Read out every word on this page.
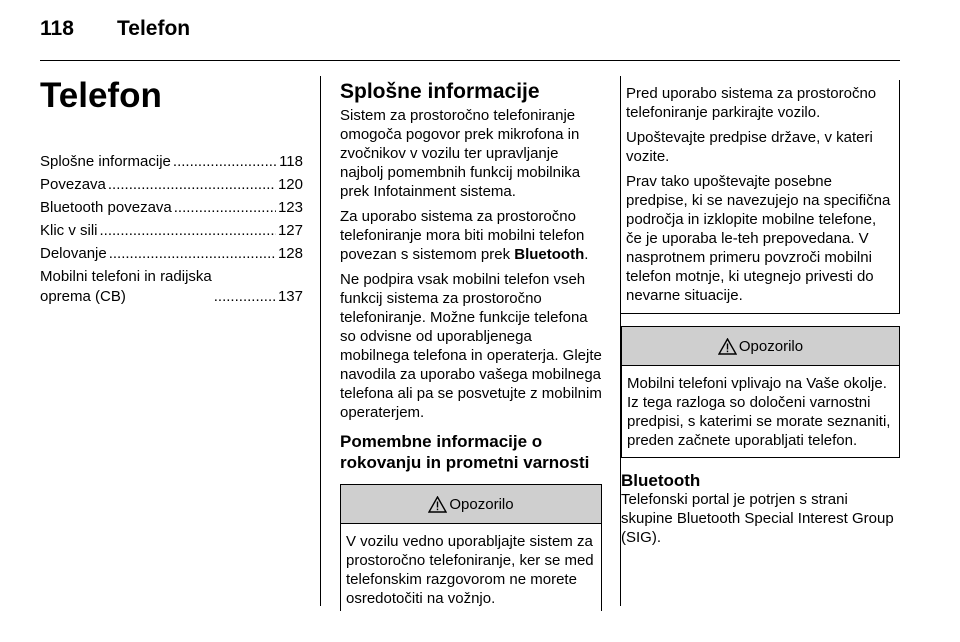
118 Telefon
Telefon
Splošne informacije .....	118
Povezava .....	120
Bluetooth povezava .....	123
Klic v sili .....	127
Delovanje .....	128
Mobilni telefoni in radijska
oprema (CB) .....	137
Splošne informacije

Sistem za prostoročno telefoniranje omogoča pogovor prek mikrofona in zvočnikov v vozilu ter upravljanje najbolj pomembnih funkcij mobilnika prek Infotainment sistema.

Za uporabo sistema za prostoročno telefoniranje mora biti mobilni telefon povezan s sistemom prek Bluetooth.

Ne podpira vsak mobilni telefon vseh funkcij sistema za prostoročno telefoniranje. Možne funkcije telefona so odvisne od uporabljenega mobilnega telefona in operaterja. Glejte navodila za uporabo vašega mobilnega telefona ali pa se posvetujte z mobilnim operaterjem.

Pomembne informacije o rokovanju in prometni varnosti
Opozorilo
V vozilu vedno uporabljajte sistem za prostoročno telefoniranje, ker se med telefonskim razgovorom ne morete osredotočiti na vožnjo.

Pred uporabo sistema za prostoročno telefoniranje parkirajte vozilo.

Upoštevajte predpise države, v kateri vozite.

Prav tako upoštevajte posebne predpise, ki se navezujejo na specifična področja in izklopite mobilne telefone, če je uporaba le-teh prepovedana. V nasprotnem primeru povzroči mobilni telefon motnje, ki utegnejo privesti do nevarne situacije.

Opozorilo
Mobilni telefoni vplivajo na Vaše okolje. Iz tega razloga so določeni varnostni predpisi, s katerimi se morate seznaniti, preden začnete uporabljati telefon.
Bluetooth

Telefonski portal je potrjen s strani skupine Bluetooth Special Interest Group (SIG).
